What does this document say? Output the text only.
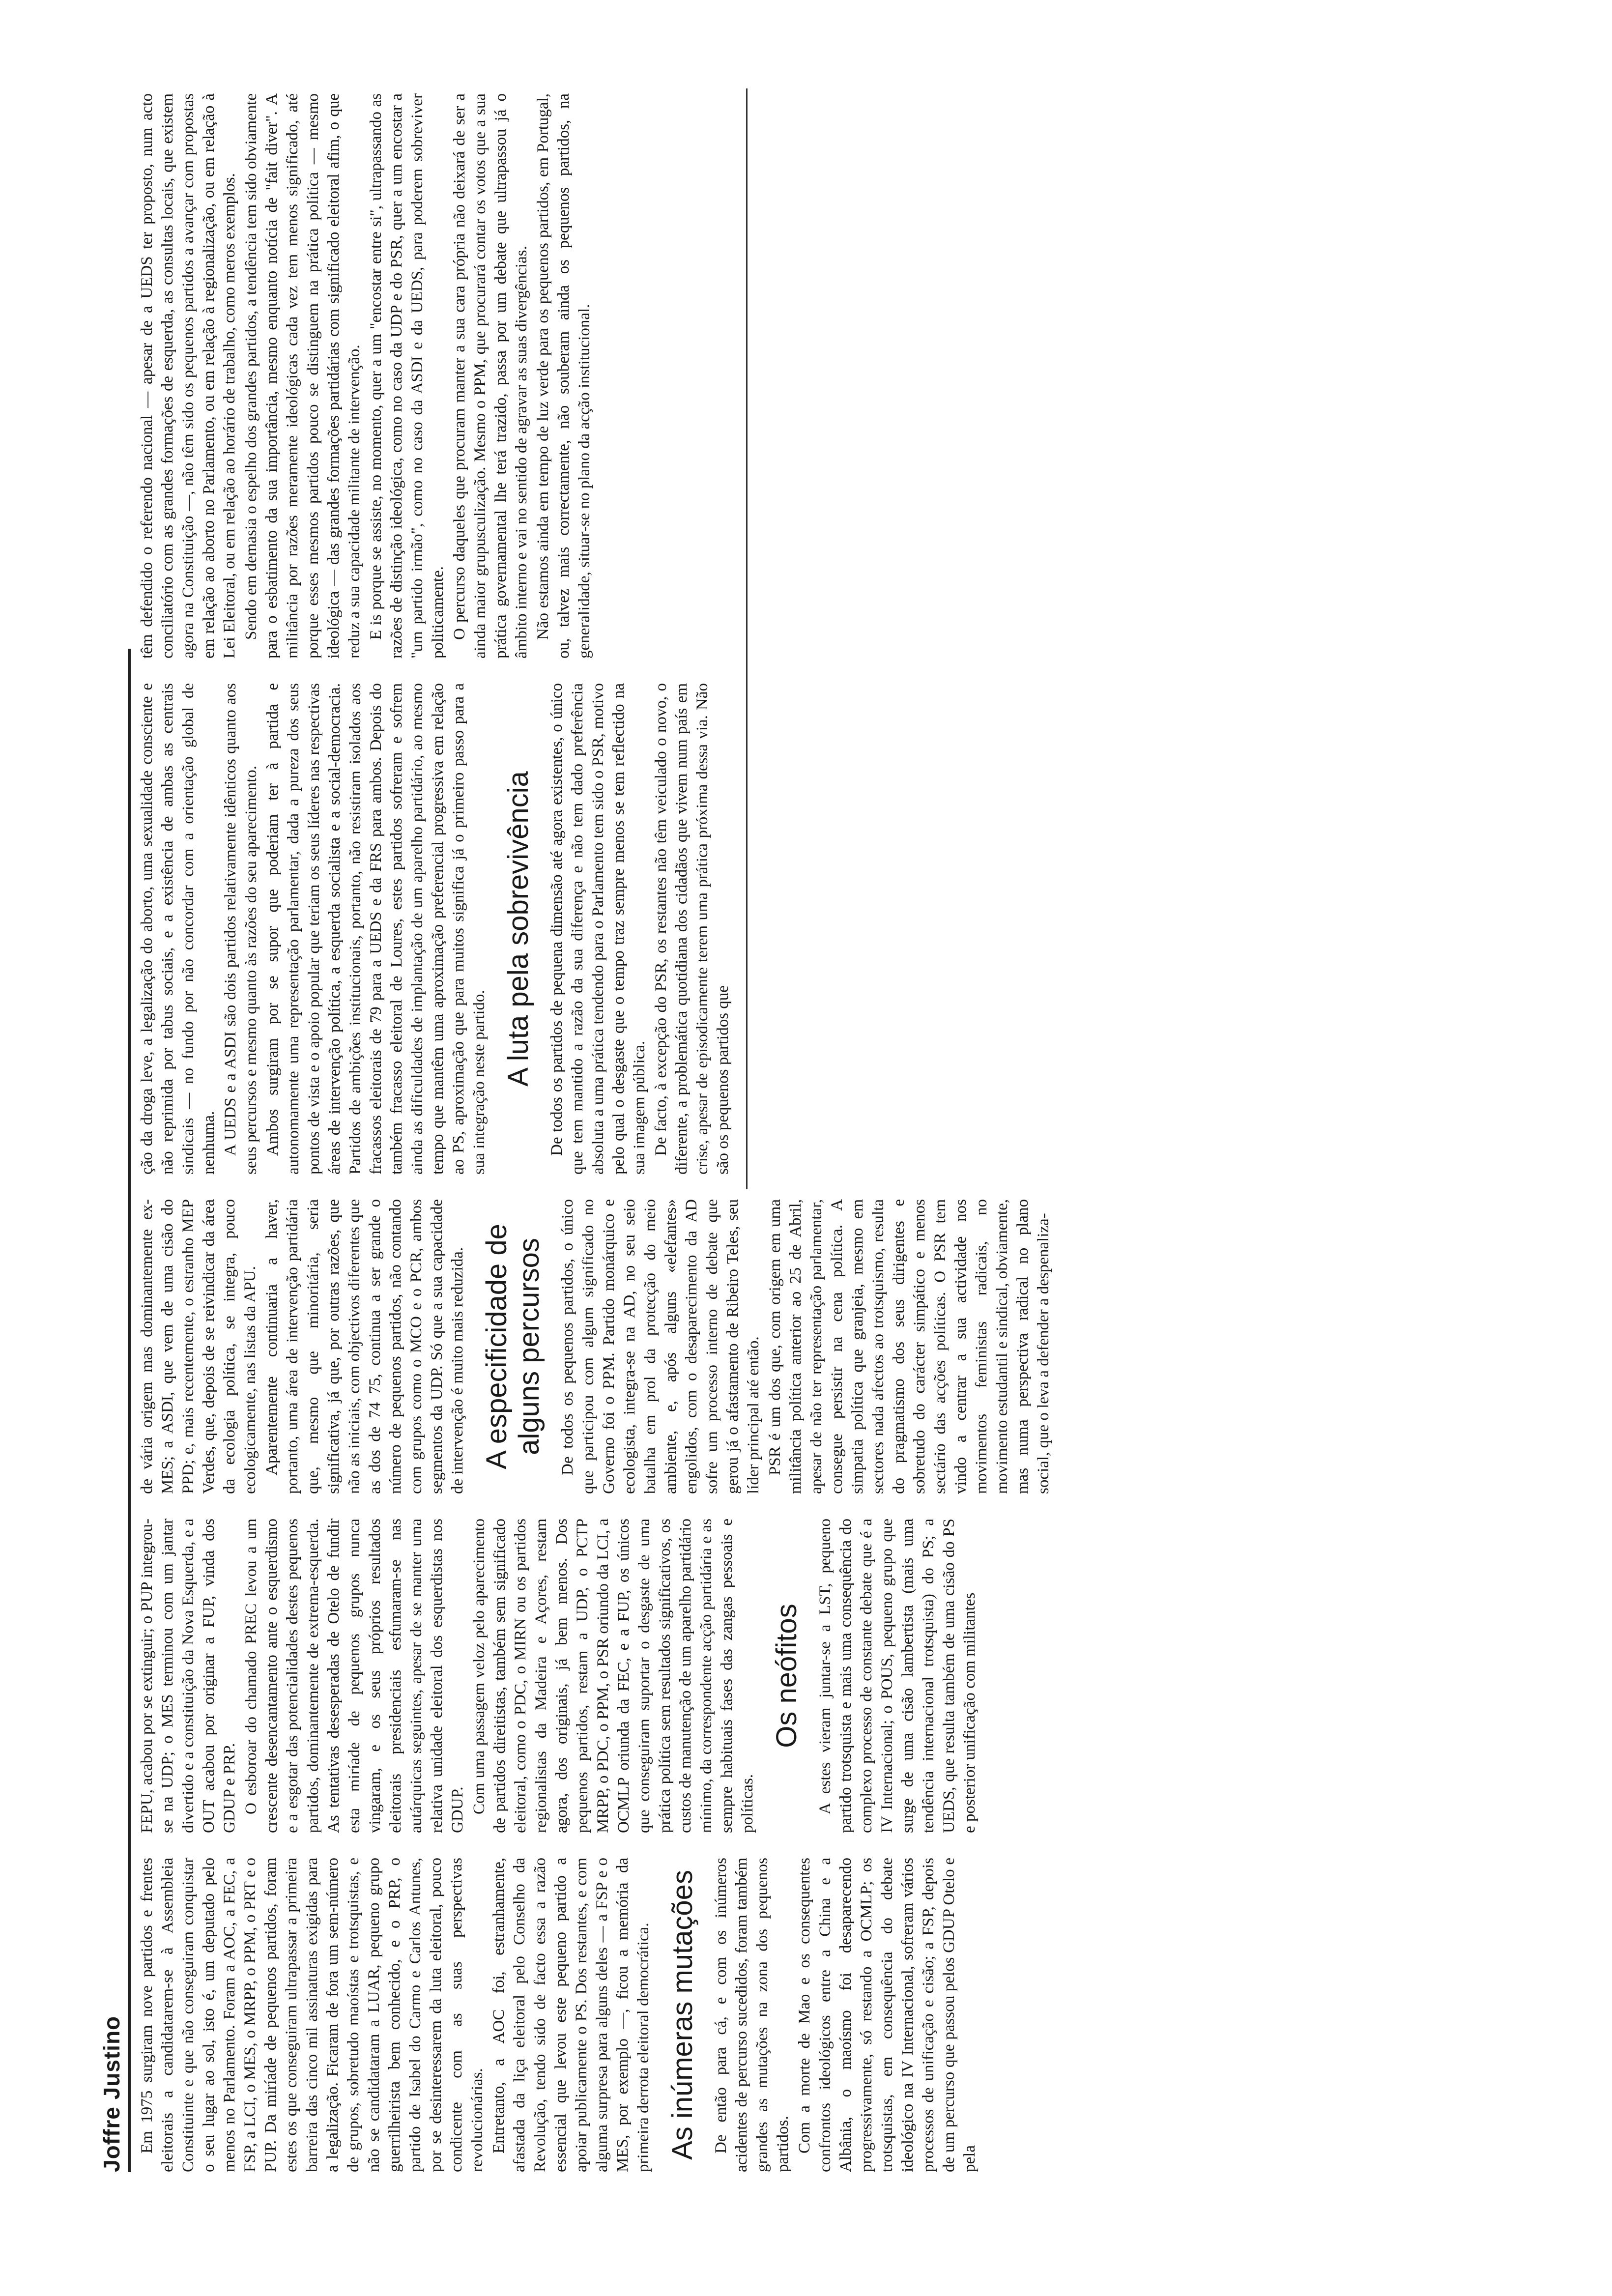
Joffre Justino Em 1975 surgiram nove partidos e frentes eleitorais a candidatarem-se à Assembleia Constituinte e que não conseguiram conquistar o seu lugar ao sol, isto é, um deputado pelo menos no Parlamento. Foram a AOC, a FEC, a FSP, a LCI, o MES, o MRPP, o PPM, o PRT e o PUP. Da miríade de pequenos partidos, foram estes os que conseguiram ultrapassar a primeira barreira das cinco mil assinaturas exigidas para a legalização. Ficaram de fora um sem-número de grupos, sobretudo maoístas e trotsquistas, e não se candidataram a LUAR, pequeno grupo guerrilheirista bem conhecido, e o PRP, o partido de Isabel do Carmo e Carlos Antunes, por se desinteressarem da luta eleitoral, pouco condicente com as suas perspectivas revolucionárias. Entretanto, a AOC foi, estranhamente, afastada da liça eleitoral pelo Conselho da Revolução, tendo sido de facto essa a razão essencial que levou este pequeno partido a apoiar publicamente o PS. Dos restantes, e com alguma surpresa para alguns deles — a FSP e o MES, por exemplo —, ficou a memória da primeira derrota eleitoral democrática. As inúmeras mutações De então para cá, e com os inúmeros acidentes de percurso sucedidos, foram também grandes as mutações na zona dos pequenos partidos. Com a morte de Mao e os consequentes confrontos ideológicos entre a China e a Albânia, o maoísmo foi desaparecendo progressivamente, só restando a OCMLP; os trotsquistas, em consequência do debate ideológico na IV Internacional, sofreram vários processos de unificação e cisão; a FSP, depois de um percurso que passou pelos GDUP Otelo e pela

FEPU, acabou por se extinguir; o PUP integrou-se na UDP; o MES terminou com um jantar divertido e a constituição da Nova Esquerda, e a OUT acabou por originar a FUP, vinda dos GDUP e PRP. O esboroar do chamado PREC levou a um crescente desencantamento ante o esquerdismo e a esgotar das potencialidades destes pequenos partidos, dominantemente de extrema-esquerda. As tentativas desesperadas de Otelo de fundir esta miríade de pequenos grupos nunca vingaram, e os seus próprios resultados eleitorais presidenciais esfumaram-se nas autárquicas seguintes, apesar de se manter uma relativa unidade eleitoral dos esquerdistas nos GDUP. Com uma passagem veloz pelo aparecimento de partidos direitistas, também sem significado eleitoral, como o PDC, o MIRN ou os partidos regionalistas da Madeira e Açores, restam agora, dos originais, já bem menos. Dos pequenos partidos, restam a UDP, o PCTP MRPP, o PDC, o PPM, o PSR oriundo da LCI, a OCMLP oriunda da FEC, e a FUP, os únicos que conseguiram suportar o desgaste de uma prática política sem resultados significativos, os custos de manutenção de um aparelho partidário mínimo, da correspondente acção partidária e as sempre habituais fases das zangas pessoais e políticas.

Os neófitos A estes vieram juntar-se a LST, pequeno partido trotsquista e mais uma consequência do complexo processo de constante debate que é a IV Internacional; o POUS, pequeno grupo que surge de uma cisão lambertista (mais uma tendência internacional trotsquista) do PS; a UEDS, que resulta também de uma cisão do PS e posterior unificação com militantes

de vária origem mas dominantemente ex-MES; a ASDI, que vem de uma cisão do PPD; e, mais recentemente, o estranho MEP Verdes, que, depois de se reivindicar da área da ecologia política, se integra, pouco ecologicamente, nas listas da APU. Aparentemente continuaria a haver, portanto, uma área de intervenção partidária que, mesmo que minoritária, seria significativa, já que, por outras razões, que não as iniciais, com objectivos diferentes que as dos de 74 75, continua a ser grande o número de pequenos partidos, não contando com grupos como o MCO e o PCR, ambos segmentos da UDP. Só que a sua capacidade de intervenção é muito mais reduzida. A especificidade de alguns percursos De todos os pequenos partidos, o único que participou com algum significado no Governo foi o PPM. Partido monárquico e ecologista, integra-se na AD, no seu seio batalha em prol da protecção do meio ambiente, e, após alguns «elefantes» engolidos, com o desaparecimento da AD sofre um processo interno de debate que gerou já o afastamento de Ribeiro Teles, seu líder principal até então. PSR é um dos que, com origem em uma militância política anterior ao 25 de Abril, apesar de não ter representação parlamentar, consegue persistir na cena política. A simpatia política que granjeia, mesmo em sectores nada afectos ao trotsquismo, resulta do pragmatismo dos seus dirigentes e sobretudo do carácter simpático e menos sectário das acções políticas. O PSR tem vindo a centrar a sua actividade nos movimentos feministas radicais, no movimento estudantil e sindical, obviamente, mas numa perspectiva radical no plano social, que o leva a defender a despenaliza-

ção da droga leve, a legalização do aborto, uma sexualidade consciente e não reprimida por tabus sociais, e a existência de ambas as centrais sindicais — no fundo por não concordar com a orientação global de nenhuma. A UEDS e a ASDI são dois partidos relativamente idênticos quanto aos seus percursos e mesmo quanto às razões do seu aparecimento. Ambos surgiram por se supor que poderiam ter à partida e autonomamente uma representação parlamentar, dada a pureza dos seus pontos de vista e o apoio popular que teriam os seus líderes nas respectivas áreas de intervenção política, a esquerda socialista e a social-democracia. Partidos de ambições institucionais, portanto, não resistiram isolados aos fracassos eleitorais de 79 para a UEDS e da FRS para ambos. Depois do também fracasso eleitoral de Loures, estes partidos sofreram e sofrem ainda as dificuldades de implantação de um aparelho partidário, ao mesmo tempo que mantêm uma aproximação preferencial progressiva em relação ao PS, aproximação que para muitos significa já o primeiro passo para a sua integração neste partido. A luta pela sobrevivência De todos os partidos de pequena dimensão até agora existentes, o único que tem mantido a razão da sua diferença e não tem dado preferência absoluta a uma prática tendendo para o Parlamento tem sido o PSR, motivo pelo qual o desgaste que o tempo traz sempre menos se tem reflectido na sua imagem pública. De facto, à excepção do PSR, os restantes não têm veiculado o novo, o diferente, a problemática quotidiana dos cidadãos que vivem num país em crise, apesar de episodicamente terem uma prática próxima dessa via. Não são os pequenos partidos que

têm defendido o referendo nacional — apesar de a UEDS ter proposto, num acto conciliatório com as grandes formações de esquerda, as consultas locais, que existem agora na Constituição —, não têm sido os pequenos partidos a avançar com propostas em relação ao aborto no Parlamento, ou em relação à regionalização, ou em relação à Lei Eleitoral, ou em relação ao horário de trabalho, como meros exemplos. Sendo em demasia o espelho dos grandes partidos, a tendência tem sido obviamente para o esbatimento da sua importância, mesmo enquanto notícia de "fait diver". A militância por razões meramente ideológicas cada vez tem menos significado, até porque esses mesmos partidos pouco se distinguem na prática política — mesmo ideológica — das grandes formações partidárias com significado eleitoral afim, o que reduz a sua capacidade militante de intervenção. E is porque se assiste, no momento, quer a um "encostar entre si", ultrapassando as razões de distinção ideológica, como no caso da UDP e do PSR, quer a um encostar a "um partido irmão", como no caso da ASDI e da UEDS, para poderem sobreviver politicamente. O percurso daqueles que procuram manter a sua cara própria não deixará de ser a ainda maior grupusculização. Mesmo o PPM, que procurará contar os votos que a sua prática governamental lhe terá trazido, passa por um debate que ultrapassou já o âmbito interno e vai no sentido de agravar as suas divergências. Não estamos ainda em tempo de luz verde para os pequenos partidos, em Portugal, ou, talvez mais correctamente, não souberam ainda os pequenos partidos, na generalidade, situar-se no plano da acção institucional.
